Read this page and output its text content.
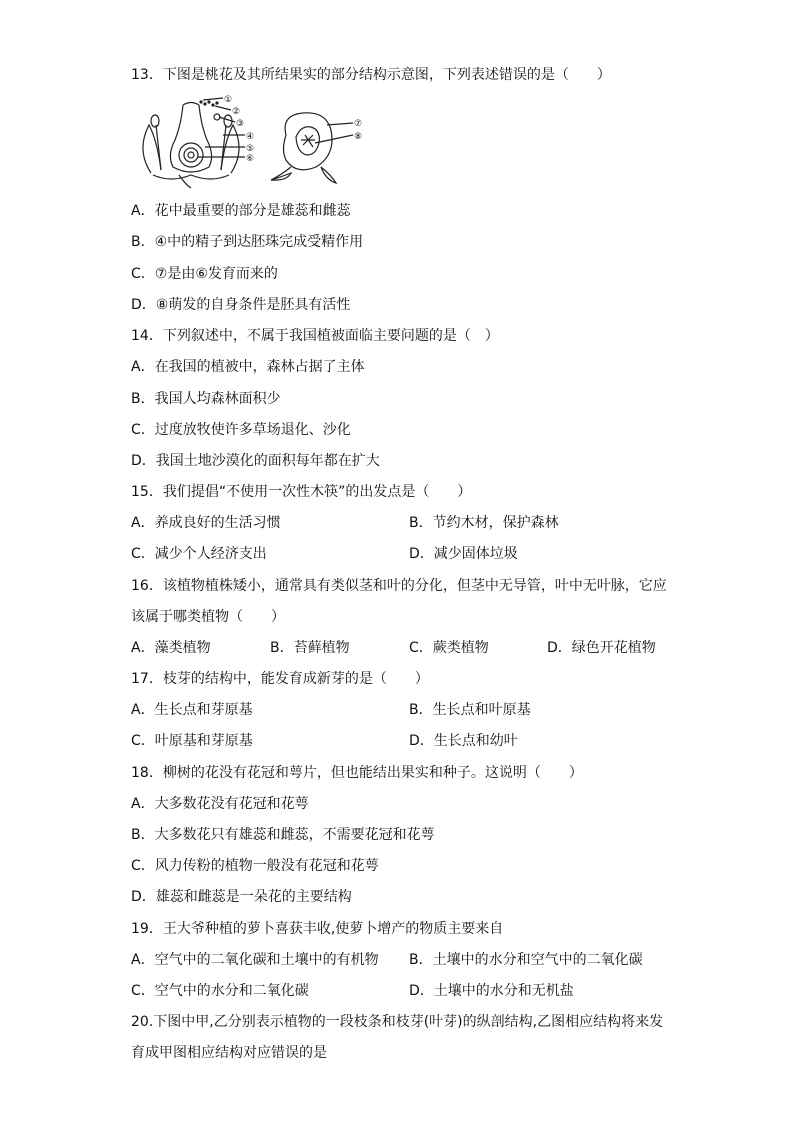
13．下图是桃花及其所结果实的部分结构示意图，下列表述错误的是（　　）
①
②
③
④
⑤
⑥
⑦
⑧
A．花中最重要的部分是雄蕊和雌蕊
B．④中的精子到达胚珠完成受精作用
C．⑦是由⑥发育而来的
D．⑧萌发的自身条件是胚具有活性
14．下列叙述中，不属于我国植被面临主要问题的是（　）
A．在我国的植被中，森林占据了主体
B．我国人均森林面积少
C．过度放牧使许多草场退化、沙化
D．我国土地沙漠化的面积每年都在扩大
15．我们提倡“不使用一次性木筷”的出发点是（　　）
A．养成良好的生活习惯	B．节约木材，保护森林
C．减少个人经济支出	D．减少固体垃圾
16．该植物植株矮小，通常具有类似茎和叶的分化，但茎中无导管，叶中无叶脉，它应
该属于哪类植物（　　）
A．藻类植物	B．苔藓植物	C．蕨类植物	D．绿色开花植物
17．枝芽的结构中，能发育成新芽的是（　　）
A．生长点和芽原基	B．生长点和叶原基
C．叶原基和芽原基	D．生长点和幼叶
18．柳树的花没有花冠和萼片，但也能结出果实和种子。这说明（　　）
A．大多数花没有花冠和花萼
B．大多数花只有雄蕊和雌蕊，不需要花冠和花萼
C．风力传粉的植物一般没有花冠和花萼
D．雄蕊和雌蕊是一朵花的主要结构
19．王大爷种植的萝卜喜获丰收,使萝卜增产的物质主要来自
A．空气中的二氧化碳和土壤中的有机物 B．土壤中的水分和空气中的二氧化碳
C．空气中的水分和二氧化碳	D．土壤中的水分和无机盐
20.下图中甲,乙分别表示植物的一段枝条和枝芽(叶芽)的纵剖结构,乙图相应结构将来发
育成甲图相应结构对应错误的是
